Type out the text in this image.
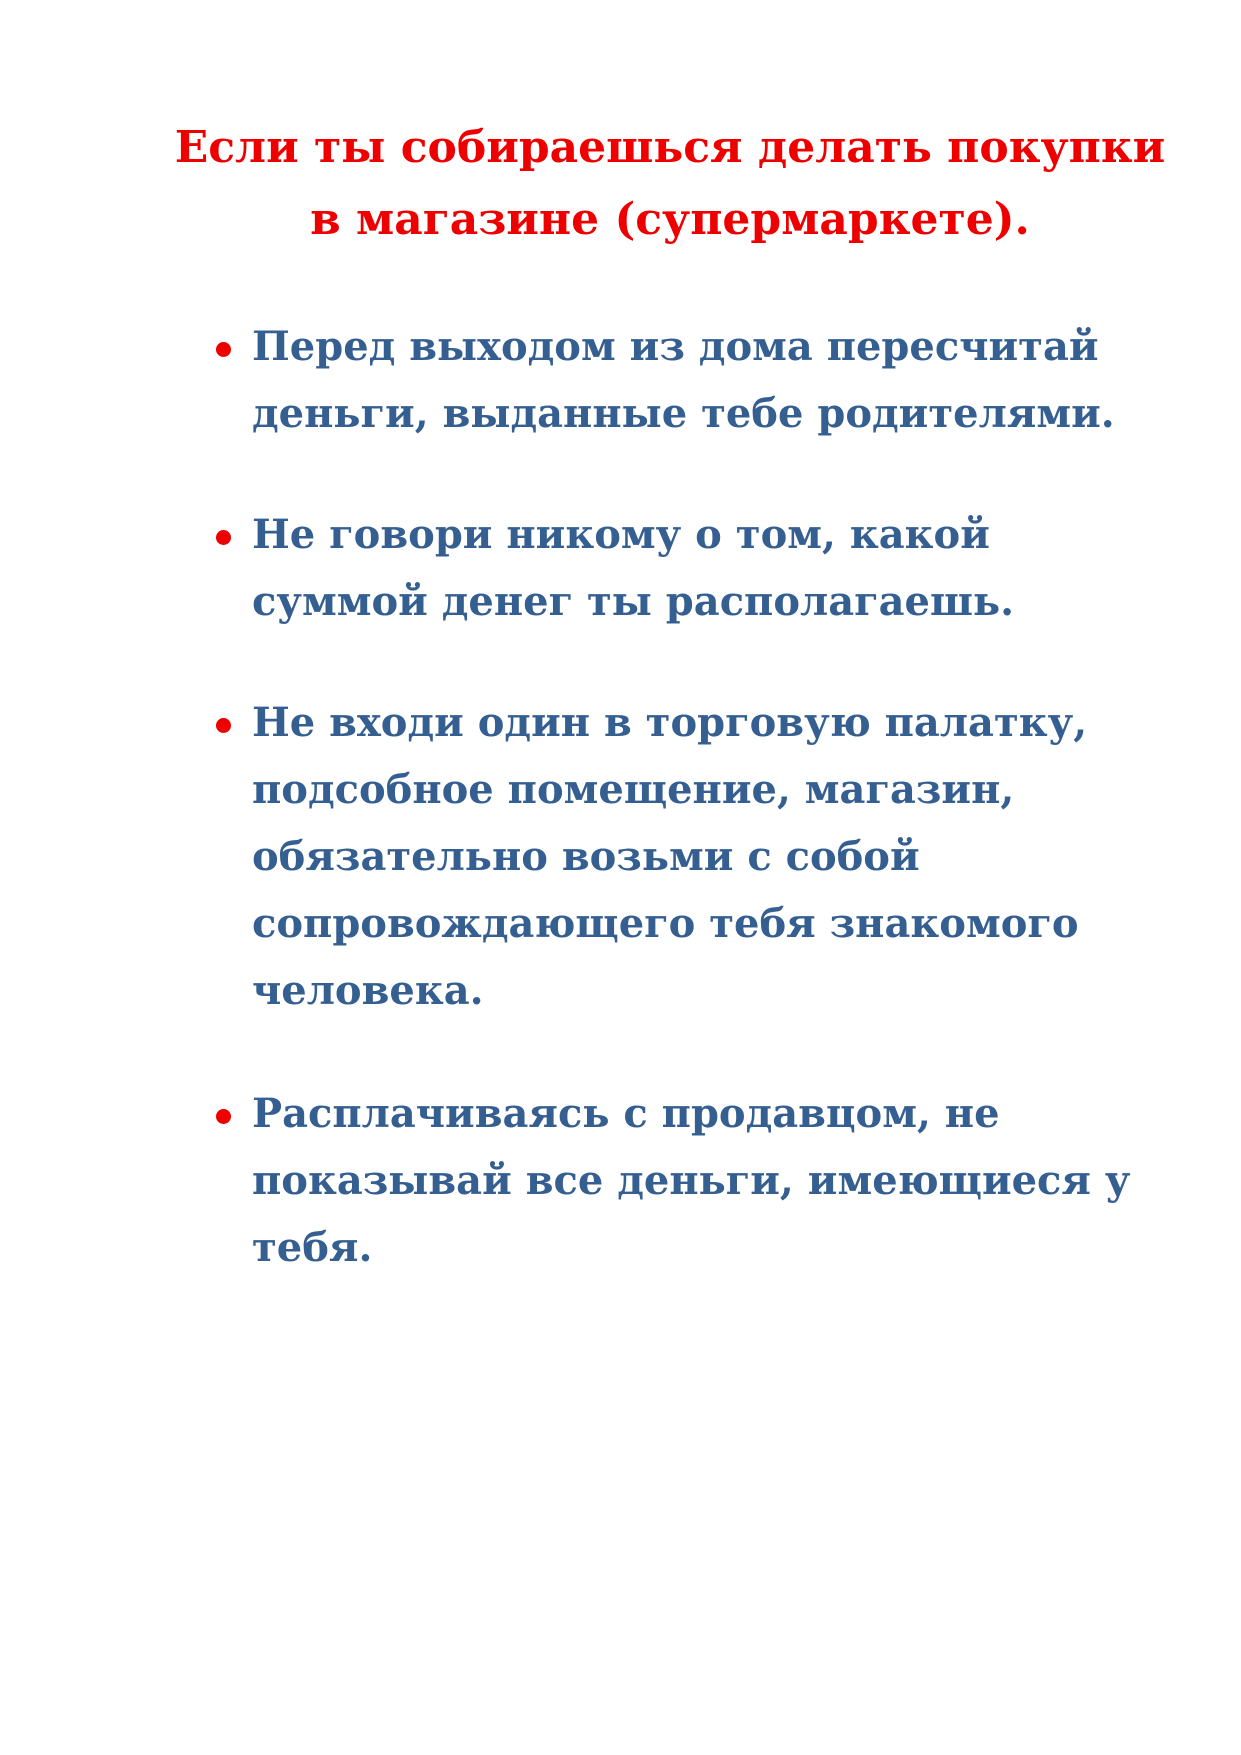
Если ты собираешься делать покупки
в магазине (супермаркете).
Перед выходом из дома пересчитай
деньги, выданные тебе родителями.
Не говори никому о том, какой
суммой денег ты располагаешь.
Не входи один в торговую палатку,
подсобное помещение, магазин,
обязательно возьми с собой
сопровождающего тебя знакомого
человека.
Расплачиваясь с продавцом, не
показывай все деньги, имеющиеся у
тебя.
